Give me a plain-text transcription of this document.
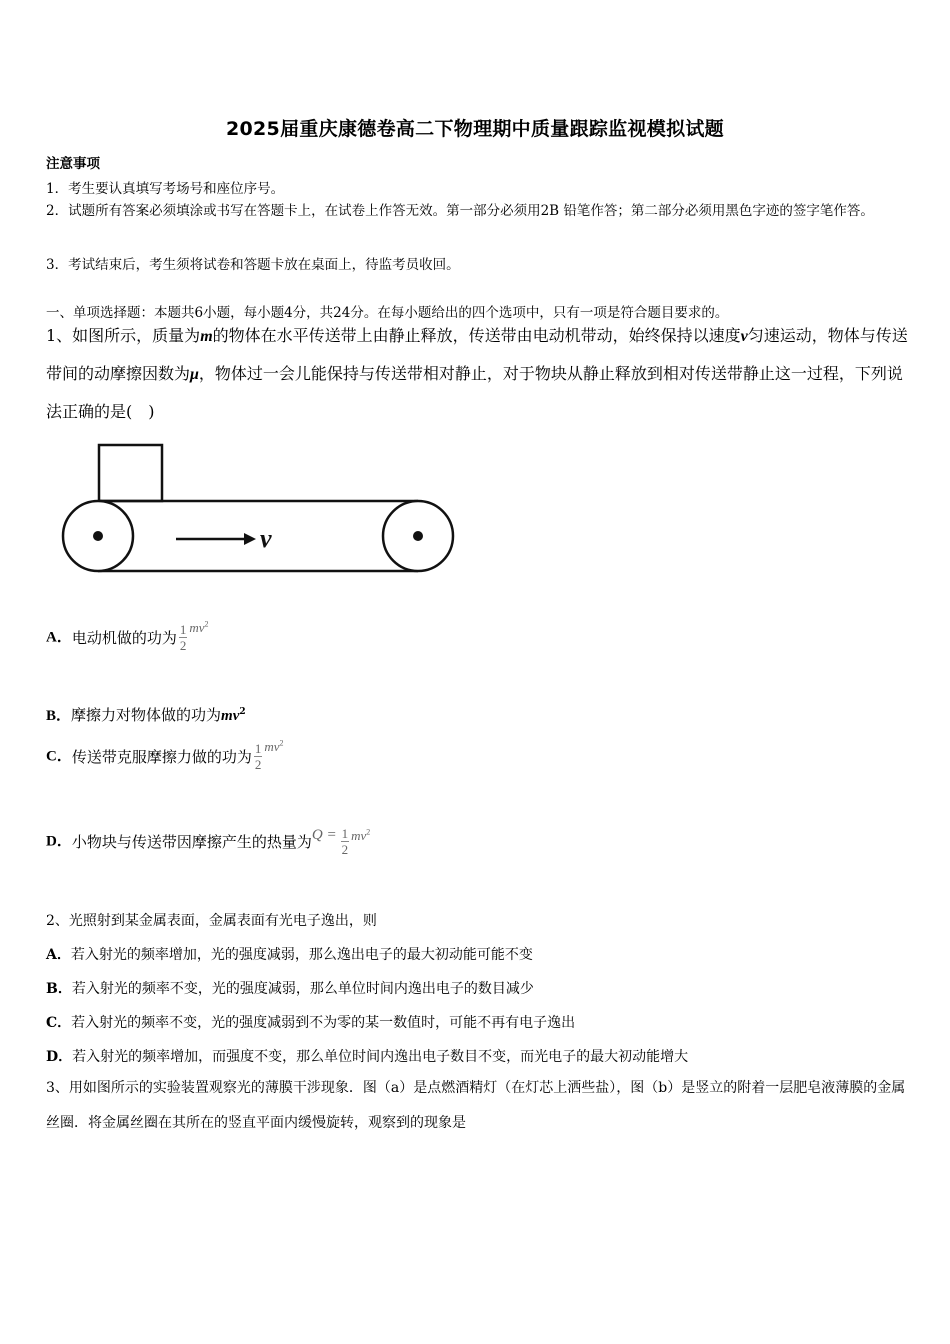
2025届重庆康德卷高二下物理期中质量跟踪监视模拟试题
注意事项
1．考生要认真填写考场号和座位序号。
2．试题所有答案必须填涂或书写在答题卡上，在试卷上作答无效。第一部分必须用2B 铅笔作答；第二部分必须用黑色字迹的签字笔作答。
3．考试结束后，考生须将试卷和答题卡放在桌面上，待监考员收回。
一、单项选择题：本题共6小题，每小题4分，共24分。在每小题给出的四个选项中，只有一项是符合题目要求的。
1、如图所示，质量为m的物体在水平传送带上由静止释放，传送带由电动机带动，始终保持以速度v匀速运动，物体与传送带间的动摩擦因数为μ，物体过一会儿能保持与传送带相对静止，对于物块从静止释放到相对传送带静止这一过程，下列说法正确的是(　)
v
A．电动机做的功为 $\frac{1}{2} mv^2$
B．摩擦力对物体做的功为$mv^2$
C．传送带克服摩擦力做的功为 $\frac{1}{2} mv^2$
D．小物块与传送带因摩擦产生的热量为$Q = \frac{1}{2} mv^2$
2、光照射到某金属表面，金属表面有光电子逸出，则
A．若入射光的频率增加，光的强度减弱，那么逸出电子的最大初动能可能不变
B．若入射光的频率不变，光的强度减弱，那么单位时间内逸出电子的数目减少
C．若入射光的频率不变，光的强度减弱到不为零的某一数值时，可能不再有电子逸出
D．若入射光的频率增加，而强度不变，那么单位时间内逸出电子数目不变，而光电子的最大初动能增大
3、用如图所示的实验装置观察光的薄膜干涉现象．图（a）是点燃酒精灯（在灯芯上洒些盐），图（b）是竖立的附着一层肥皂液薄膜的金属丝圈．将金属丝圈在其所在的竖直平面内缓慢旋转，观察到的现象是
